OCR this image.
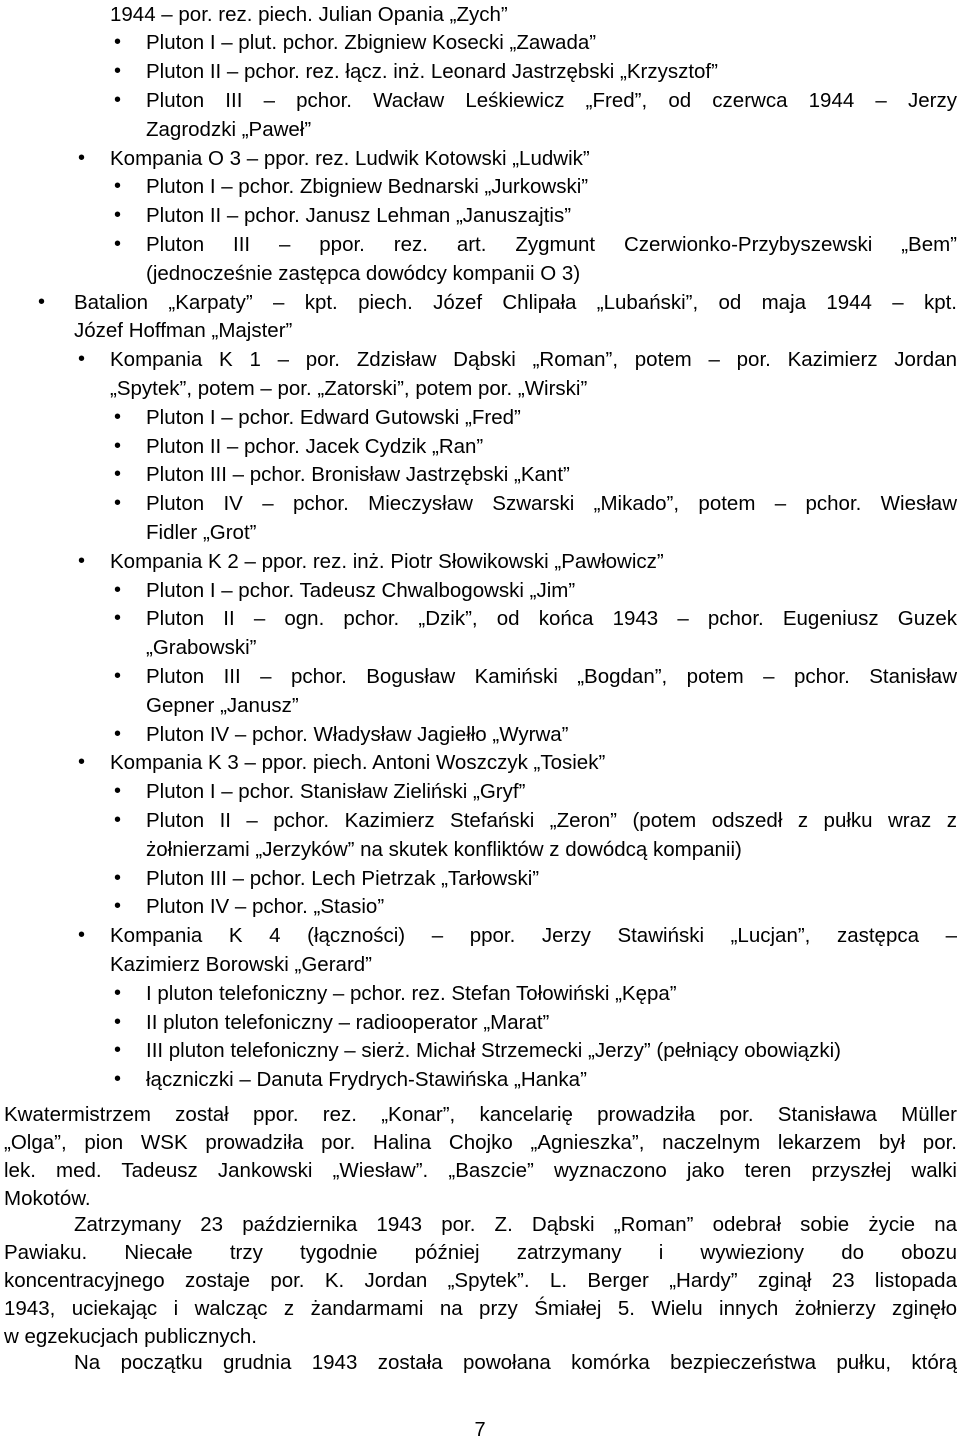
1944 – por. rez. piech. Julian Opania „Zych”
• Pluton I – plut. pchor. Zbigniew Kosecki „Zawada”
• Pluton II – pchor. rez. łącz. inż. Leonard Jastrzębski „Krzysztof”
• Pluton III – pchor. Wacław Leśkiewicz „Fred”, od czerwca 1944 – Jerzy
Zagrodzki „Paweł”
• Kompania O 3 – ppor. rez. Ludwik Kotowski „Ludwik”
• Pluton I – pchor. Zbigniew Bednarski „Jurkowski”
• Pluton II – pchor. Janusz Lehman „Januszajtis”
• Pluton III – ppor. rez. art. Zygmunt Czerwionko-Przybyszewski „Bem”
(jednocześnie zastępca dowódcy kompanii O 3)
• Batalion „Karpaty” – kpt. piech. Józef Chlipała „Lubański”, od maja 1944 – kpt.
Józef Hoffman „Majster”
• Kompania K 1 – por. Zdzisław Dąbski „Roman”, potem – por. Kazimierz Jordan
„Spytek”, potem – por. „Zatorski”, potem por. „Wirski”
• Pluton I – pchor. Edward Gutowski „Fred”
• Pluton II – pchor. Jacek Cydzik „Ran”
• Pluton III – pchor. Bronisław Jastrzębski „Kant”
• Pluton IV – pchor. Mieczysław Szwarski „Mikado”, potem – pchor. Wiesław
Fidler „Grot”
• Kompania K 2 – ppor. rez. inż. Piotr Słowikowski „Pawłowicz”
• Pluton I – pchor. Tadeusz Chwalbogowski „Jim”
• Pluton II – ogn. pchor. „Dzik”, od końca 1943 – pchor. Eugeniusz Guzek
„Grabowski”
• Pluton III – pchor. Bogusław Kamiński „Bogdan”, potem – pchor. Stanisław
Gepner „Janusz”
• Pluton IV – pchor. Władysław Jagiełło „Wyrwa”
• Kompania K 3 – ppor. piech. Antoni Woszczyk „Tosiek”
• Pluton I – pchor. Stanisław Zieliński „Gryf”
• Pluton II – pchor. Kazimierz Stefański „Zeron” (potem odszedł z pułku wraz z
żołnierzami „Jerzyków” na skutek konfliktów z dowódcą kompanii)
• Pluton III – pchor. Lech Pietrzak „Tarłowski”
• Pluton IV – pchor. „Stasio”
• Kompania K 4 (łączności) – ppor. Jerzy Stawiński „Lucjan”, zastępca –
Kazimierz Borowski „Gerard”
• I pluton telefoniczny – pchor. rez. Stefan Tołowiński „Kępa”
• II pluton telefoniczny – radiooperator „Marat”
• III pluton telefoniczny – sierż. Michał Strzemecki „Jerzy” (pełniący obowiązki)
• łączniczki – Danuta Frydrych-Stawińska „Hanka”
Kwatermistrzem został ppor. rez. „Konar”, kancelarię prowadziła por. Stanisława Müller
„Olga”, pion WSK prowadziła por. Halina Chojko „Agnieszka”, naczelnym lekarzem był por.
lek. med. Tadeusz Jankowski „Wiesław”. „Baszcie” wyznaczono jako teren przyszłej walki
Mokotów.
Zatrzymany 23 października 1943 por. Z. Dąbski „Roman” odebrał sobie życie na
Pawiaku. Niecałe trzy tygodnie później zatrzymany i wywieziony do obozu
koncentracyjnego zostaje por. K. Jordan „Spytek”. L. Berger „Hardy” zginął 23 listopada
1943, uciekając i walcząc z żandarmami na przy Śmiałej 5. Wielu innych żołnierzy zginęło
w egzekucjach publicznych.
Na początku grudnia 1943 została powołana komórka bezpieczeństwa pułku, którą
7
